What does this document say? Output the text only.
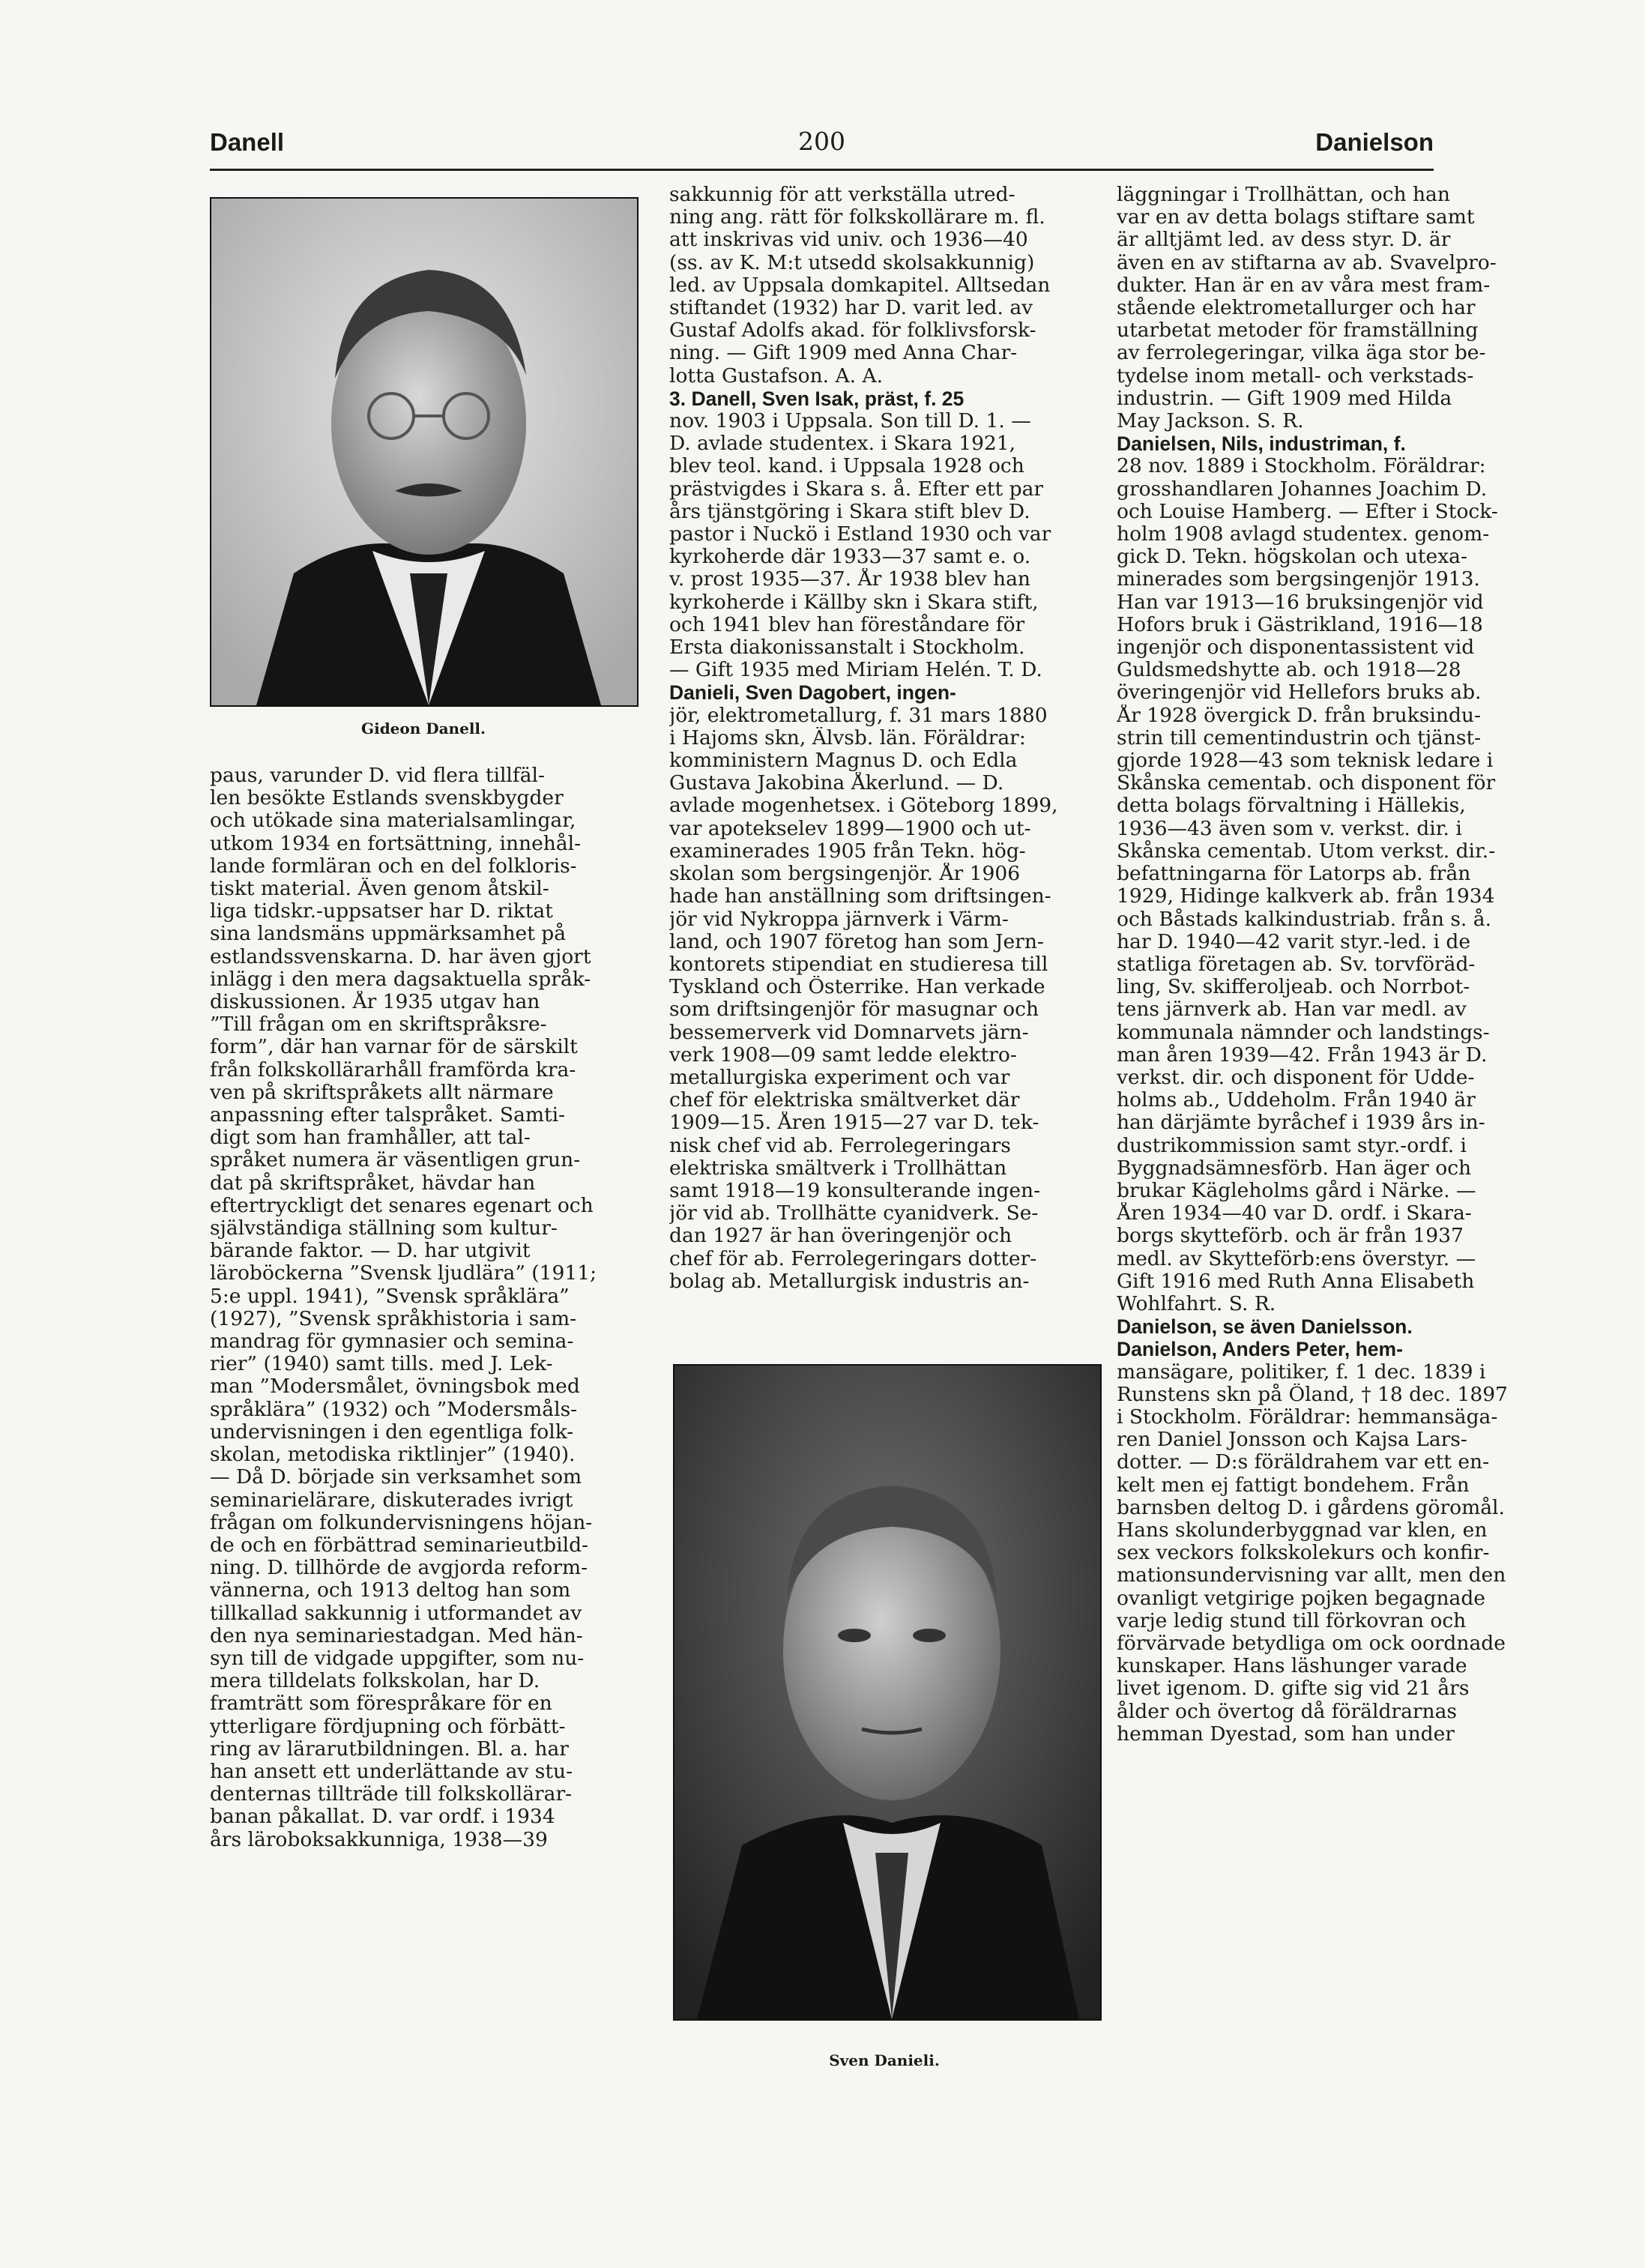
Danell	200	Danielson
Gideon Danell.
Sven Danieli.
paus, varunder D. vid flera tillfäl-
len besökte Estlands svenskbygder
och utökade sina materialsamlingar,
utkom 1934 en fortsättning, innehål-
lande formläran och en del folkloris-
tiskt material. Även genom åtskil-
liga tidskr.-uppsatser har D. riktat
sina landsmäns uppmärksamhet på
estlandssvenskarna. D. har även gjort
inlägg i den mera dagsaktuella språk-
diskussionen. År 1935 utgav han
”Till frågan om en skriftspråksre-
form”, där han varnar för de särskilt
från folkskollärarhåll framförda kra-
ven på skriftspråkets allt närmare
anpassning efter talspråket. Samti-
digt som han framhåller, att tal-
språket numera är väsentligen grun-
dat på skriftspråket, hävdar han
eftertryckligt det senares egenart och
självständiga ställning som kultur-
bärande faktor. — D. har utgivit
läroböckerna ”Svensk ljudlära” (1911;
5:e uppl. 1941), ”Svensk språklära”
(1927), ”Svensk språkhistoria i sam-
mandrag för gymnasier och semina-
rier” (1940) samt tills. med J. Lek-
man ”Modersmålet, övningsbok med
språklära” (1932) och ”Modersmåls-
undervisningen i den egentliga folk-
skolan, metodiska riktlinjer” (1940).
— Då D. började sin verksamhet som
seminarielärare, diskuterades ivrigt
frågan om folkundervisningens höjan-
de och en förbättrad seminarieutbild-
ning. D. tillhörde de avgjorda reform-
vännerna, och 1913 deltog han som
tillkallad sakkunnig i utformandet av
den nya seminariestadgan. Med hän-
syn till de vidgade uppgifter, som nu-
mera tilldelats folkskolan, har D.
framträtt som förespråkare för en
ytterligare fördjupning och förbätt-
ring av lärarutbildningen. Bl. a. har
han ansett ett underlättande av stu-
denternas tillträde till folkskollärar-
banan påkallat. D. var ordf. i 1934
års läroboksakkunniga, 1938—39
sakkunnig för att verkställa utred-
ning ang. rätt för folkskollärare m. fl.
att inskrivas vid univ. och 1936—40
(ss. av K. M:t utsedd skolsakkunnig)
led. av Uppsala domkapitel. Alltsedan
stiftandet (1932) har D. varit led. av
Gustaf Adolfs akad. för folklivsforsk-
ning. — Gift 1909 med Anna Char-
lotta Gustafson. A. A.
3. Danell, Sven Isak, präst, f. 25
nov. 1903 i Uppsala. Son till D. 1. —
D. avlade studentex. i Skara 1921,
blev teol. kand. i Uppsala 1928 och
prästvigdes i Skara s. å. Efter ett par
års tjänstgöring i Skara stift blev D.
pastor i Nuckö i Estland 1930 och var
kyrkoherde där 1933—37 samt e. o.
v. prost 1935—37. År 1938 blev han
kyrkoherde i Källby skn i Skara stift,
och 1941 blev han föreståndare för
Ersta diakonissanstalt i Stockholm.
— Gift 1935 med Miriam Helén. T. D.
Danieli, Sven Dagobert, ingen-
jör, elektrometallurg, f. 31 mars 1880
i Hajoms skn, Älvsb. län. Föräldrar:
komministern Magnus D. och Edla
Gustava Jakobina Åkerlund. — D.
avlade mogenhetsex. i Göteborg 1899,
var apotekselev 1899—1900 och ut-
examinerades 1905 från Tekn. hög-
skolan som bergsingenjör. År 1906
hade han anställning som driftsingen-
jör vid Nykroppa järnverk i Värm-
land, och 1907 företog han som Jern-
kontorets stipendiat en studieresa till
Tyskland och Österrike. Han verkade
som driftsingenjör för masugnar och
bessemerverk vid Domnarvets järn-
verk 1908—09 samt ledde elektro-
metallurgiska experiment och var
chef för elektriska smältverket där
1909—15. Åren 1915—27 var D. tek-
nisk chef vid ab. Ferrolegeringars
elektriska smältverk i Trollhättan
samt 1918—19 konsulterande ingen-
jör vid ab. Trollhätte cyanidverk. Se-
dan 1927 är han överingenjör och
chef för ab. Ferrolegeringars dotter-
bolag ab. Metallurgisk industris an-
läggningar i Trollhättan, och han
var en av detta bolags stiftare samt
är alltjämt led. av dess styr. D. är
även en av stiftarna av ab. Svavelpro-
dukter. Han är en av våra mest fram-
stående elektrometallurger och har
utarbetat metoder för framställning
av ferrolegeringar, vilka äga stor be-
tydelse inom metall- och verkstads-
industrin. — Gift 1909 med Hilda
May Jackson. S. R.
Danielsen, Nils, industriman, f.
28 nov. 1889 i Stockholm. Föräldrar:
grosshandlaren Johannes Joachim D.
och Louise Hamberg. — Efter i Stock-
holm 1908 avlagd studentex. genom-
gick D. Tekn. högskolan och utexa-
minerades som bergsingenjör 1913.
Han var 1913—16 bruksingenjör vid
Hofors bruk i Gästrikland, 1916—18
ingenjör och disponentassistent vid
Guldsmedshytte ab. och 1918—28
överingenjör vid Hellefors bruks ab.
År 1928 övergick D. från bruksindu-
strin till cementindustrin och tjänst-
gjorde 1928—43 som teknisk ledare i
Skånska cementab. och disponent för
detta bolags förvaltning i Hällekis,
1936—43 även som v. verkst. dir. i
Skånska cementab. Utom verkst. dir.-
befattningarna för Latorps ab. från
1929, Hidinge kalkverk ab. från 1934
och Båstads kalkindustriab. från s. å.
har D. 1940—42 varit styr.-led. i de
statliga företagen ab. Sv. torvföräd-
ling, Sv. skifferoljeab. och Norrbot-
tens järnverk ab. Han var medl. av
kommunala nämnder och landstings-
man åren 1939—42. Från 1943 är D.
verkst. dir. och disponent för Udde-
holms ab., Uddeholm. Från 1940 är
han därjämte byråchef i 1939 års in-
dustrikommission samt styr.-ordf. i
Byggnadsämnesförb. Han äger och
brukar Kägleholms gård i Närke. —
Åren 1934—40 var D. ordf. i Skara-
borgs skytteförb. och är från 1937
medl. av Skytteförb:ens överstyr. —
Gift 1916 med Ruth Anna Elisabeth
Wohlfahrt. S. R.
Danielson, se även Danielsson.
Danielson, Anders Peter, hem-
mansägare, politiker, f. 1 dec. 1839 i
Runstens skn på Öland, † 18 dec. 1897
i Stockholm. Föräldrar: hemmansäga-
ren Daniel Jonsson och Kajsa Lars-
dotter. — D:s föräldrahem var ett en-
kelt men ej fattigt bondehem. Från
barnsben deltog D. i gårdens göromål.
Hans skolunderbyggnad var klen, en
sex veckors folkskolekurs och konfir-
mationsundervisning var allt, men den
ovanligt vetgirige pojken begagnade
varje ledig stund till förkovran och
förvärvade betydliga om ock oordnade
kunskaper. Hans läshunger varade
livet igenom. D. gifte sig vid 21 års
ålder och övertog då föräldrarnas
hemman Dyestad, som han under
